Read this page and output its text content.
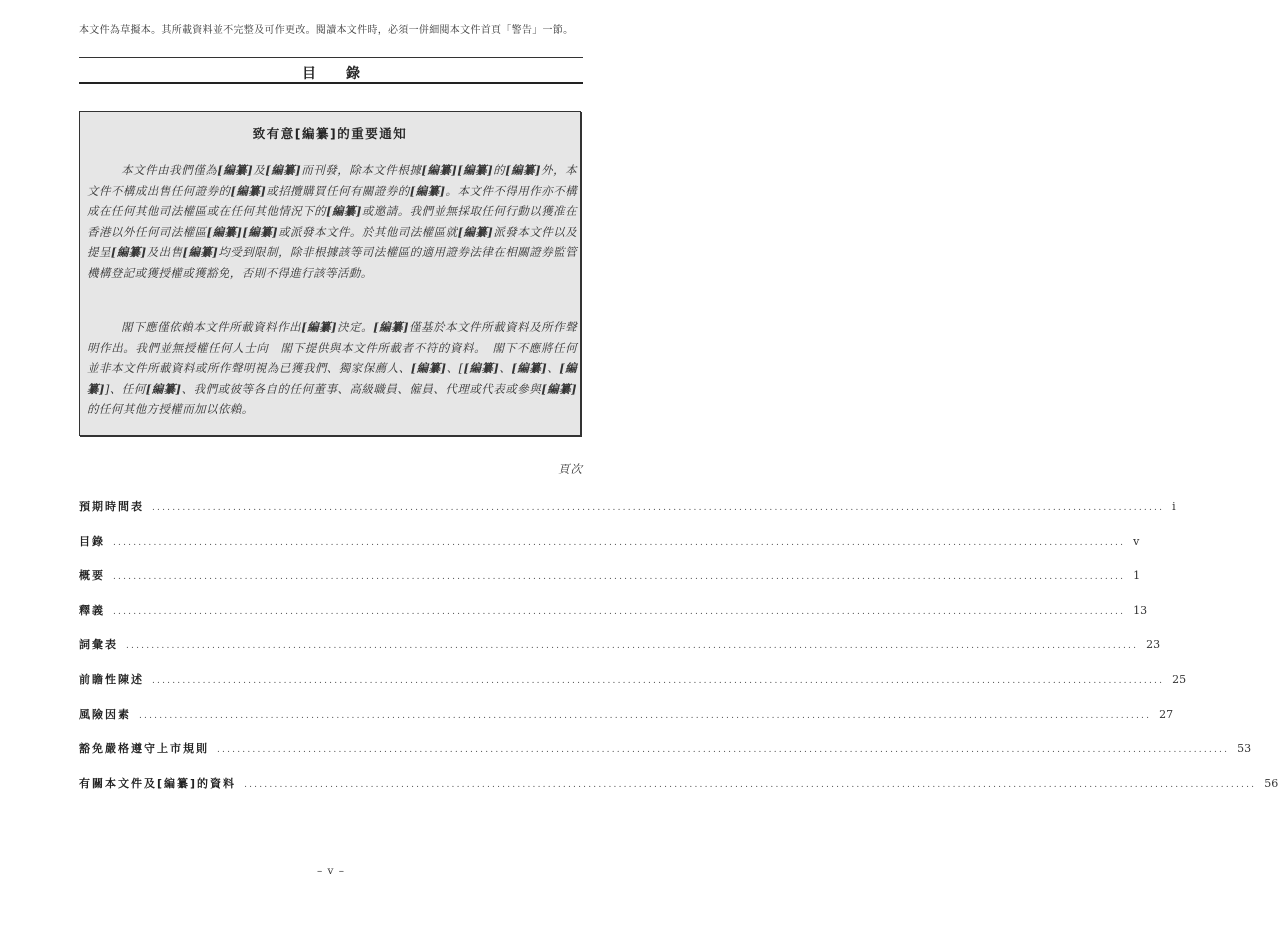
本文件為草擬本。其所載資料並不完整及可作更改。閱讀本文件時，必須一併細閱本文件首頁「警告」一節。
目錄
致有意[編纂]的重要通知
本文件由我們僅為[編纂]及[編纂]而刊發，除本文件根據[編纂][編纂]的[編纂]外，本文件不構成出售任何證券的[編纂]或招攬購買任何有關證券的[編纂]。本文件不得用作亦不構成在任何其他司法權區或在任何其他情況下的[編纂]或邀請。我們並無採取任何行動以獲准在香港以外任何司法權區[編纂][編纂]或派發本文件。於其他司法權區就[編纂]派發本文件以及提呈[編纂]及出售[編纂]均受到限制，除非根據該等司法權區的適用證券法律在相關證券監管機構登記或獲授權或獲豁免，否則不得進行該等活動。
閣下應僅依賴本文件所載資料作出[編纂]決定。[編纂]僅基於本文件所載資料及所作聲明作出。我們並無授權任何人士向　閣下提供與本文件所載者不符的資料。　閣下不應將任何並非本文件所載資料或所作聲明視為已獲我們、獨家保薦人、[編纂]、[[編纂]、[編纂]、[編纂]]、任何[編纂]、我們或彼等各自的任何董事、高級職員、僱員、代理或代表或參與[編纂]的任何其他方授權而加以依賴。
頁次
預期時間表 ........................................................................................................................................................................................................ i
目錄 ........................................................................................................................................................................................................ v
概要 ........................................................................................................................................................................................................ 1
釋義 ........................................................................................................................................................................................................ 13
詞彙表 ........................................................................................................................................................................................................ 23
前瞻性陳述 ........................................................................................................................................................................................................ 25
風險因素 ........................................................................................................................................................................................................ 27
豁免嚴格遵守上市規則 ........................................................................................................................................................................................................ 53
有關本文件及[編纂]的資料 ........................................................................................................................................................................................................ 56
– v –
